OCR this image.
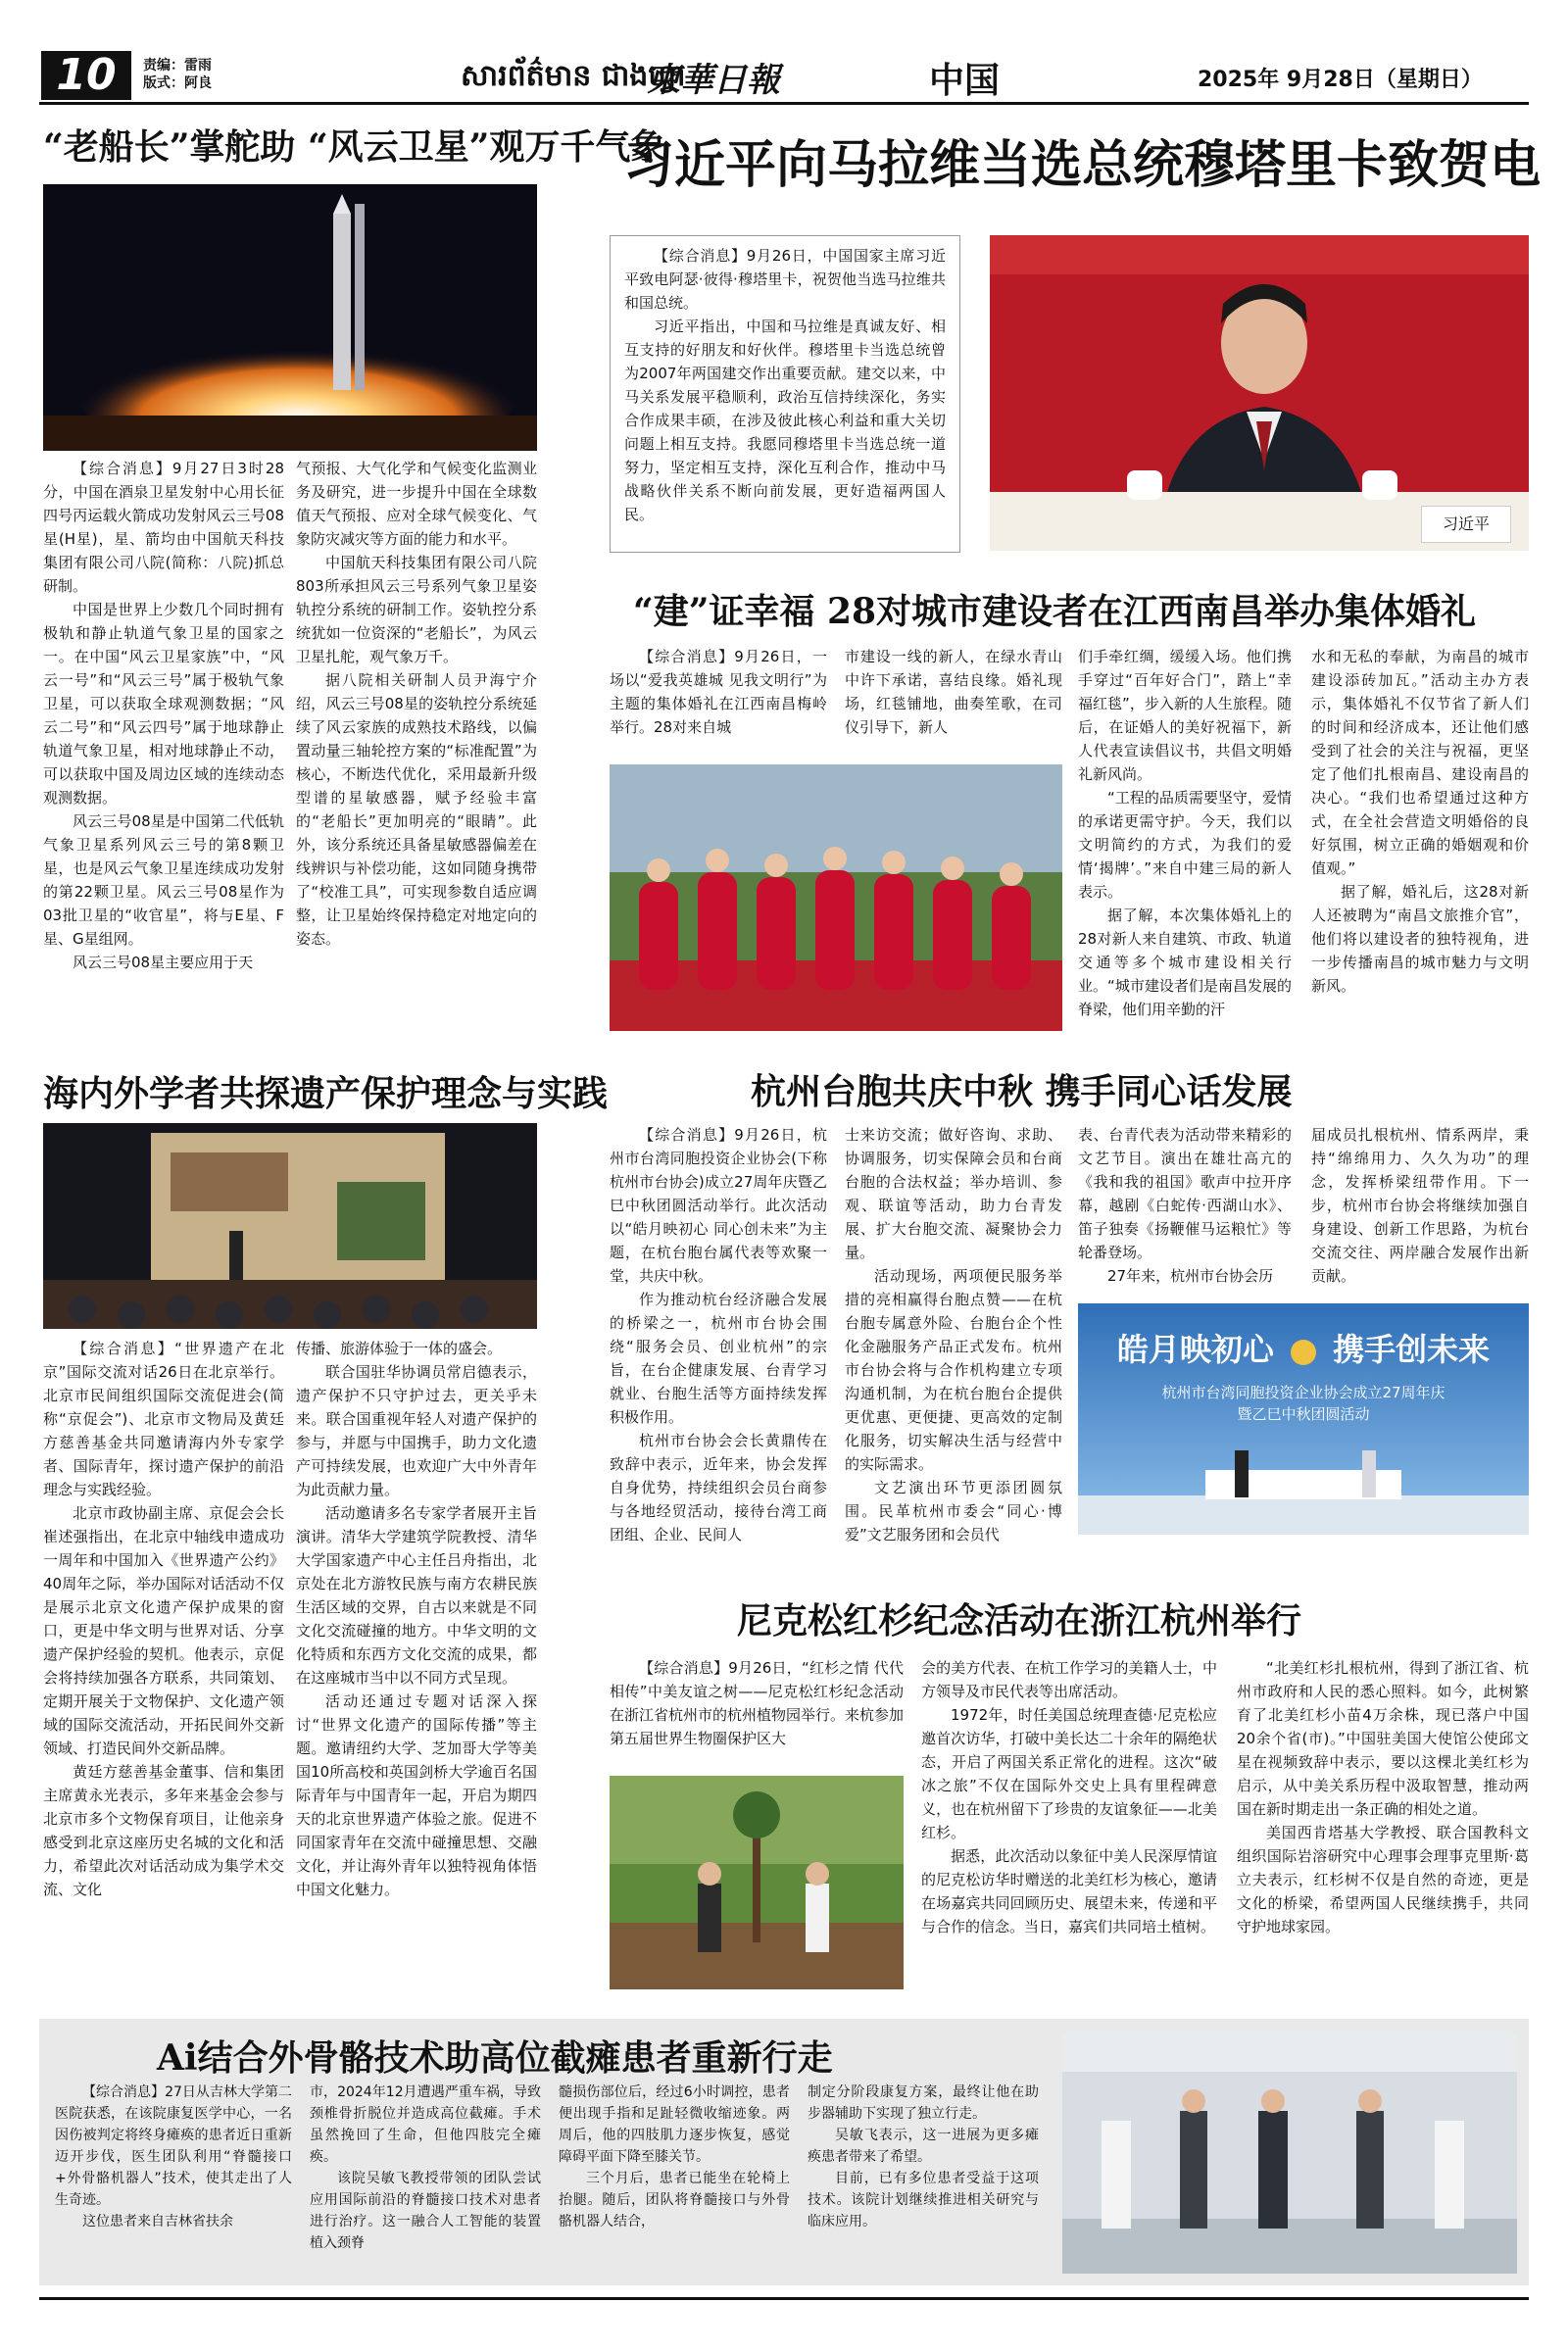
10	责编：雷雨
版式：阿良	សារព័ត៌មាន ជាងហ្វា
柬華日報	中国	2025年 9月28日（星期日）
“老船长”掌舵助 “风云卫星”观万千气象

【综合消息】9月27日3时28分，中国在酒泉卫星发射中心用长征四号丙运载火箭成功发射风云三号08星(H星)，星、箭均由中国航天科技集团有限公司八院(简称：八院)抓总研制。

中国是世界上少数几个同时拥有极轨和静止轨道气象卫星的国家之一。在中国“风云卫星家族”中，“风云一号”和“风云三号”属于极轨气象卫星，可以获取全球观测数据；“风云二号”和“风云四号”属于地球静止轨道气象卫星，相对地球静止不动，可以获取中国及周边区域的连续动态观测数据。

风云三号08星是中国第二代低轨气象卫星系列风云三号的第8颗卫星，也是风云气象卫星连续成功发射的第22颗卫星。风云三号08星作为03批卫星的“收官星”，将与E星、F星、G星组网。

风云三号08星主要应用于天

气预报、大气化学和气候变化监测业务及研究，进一步提升中国在全球数值天气预报、应对全球气候变化、气象防灾减灾等方面的能力和水平。

中国航天科技集团有限公司八院803所承担风云三号系列气象卫星姿轨控分系统的研制工作。姿轨控分系统犹如一位资深的“老船长”，为风云卫星扎舵，观气象万千。

据八院相关研制人员尹海宁介绍，风云三号08星的姿轨控分系统延续了风云家族的成熟技术路线，以偏置动量三轴轮控方案的“标准配置”为核心，不断迭代优化，采用最新升级型谱的星敏感器，赋予经验丰富的“老船长”更加明亮的“眼睛”。此外，该分系统还具备星敏感器偏差在线辨识与补偿功能，这如同随身携带了“校准工具”，可实现参数自适应调整，让卫星始终保持稳定对地定向的姿态。

习近平向马拉维当选总统穆塔里卡致贺电

【综合消息】9月26日，中国国家主席习近平致电阿瑟·彼得·穆塔里卡，祝贺他当选马拉维共和国总统。

习近平指出，中国和马拉维是真诚友好、相互支持的好朋友和好伙伴。穆塔里卡当选总统曾为2007年两国建交作出重要贡献。建交以来，中马关系发展平稳顺利，政治互信持续深化，务实合作成果丰硕，在涉及彼此核心利益和重大关切问题上相互支持。我愿同穆塔里卡当选总统一道努力，坚定相互支持，深化互利合作，推动中马战略伙伴关系不断向前发展，更好造福两国人民。	习近平
“建”证幸福 28对城市建设者在江西南昌举办集体婚礼

【综合消息】9月26日，一场以“爱我英雄城 见我文明行”为主题的集体婚礼在江西南昌梅岭举行。28对来自城

市建设一线的新人，在绿水青山中许下承诺，喜结良缘。婚礼现场，红毯铺地，曲奏笙歌，在司仪引导下，新人

们手牵红绸，缓缓入场。他们携手穿过“百年好合门”，踏上“幸福红毯”，步入新的人生旅程。随后，在证婚人的美好祝福下，新人代表宣读倡议书，共倡文明婚礼新风尚。

“工程的品质需要坚守，爱情的承诺更需守护。今天，我们以文明简约的方式，为我们的爱情‘揭牌’。”来自中建三局的新人表示。

据了解，本次集体婚礼上的28对新人来自建筑、市政、轨道交通等多个城市建设相关行业。“城市建设者们是南昌发展的脊梁，他们用辛勤的汗

水和无私的奉献，为南昌的城市建设添砖加瓦。”活动主办方表示，集体婚礼不仅节省了新人们的时间和经济成本，还让他们感受到了社会的关注与祝福，更坚定了他们扎根南昌、建设南昌的决心。“我们也希望通过这种方式，在全社会营造文明婚俗的良好氛围，树立正确的婚姻观和价值观。”

据了解，婚礼后，这28对新人还被聘为“南昌文旅推介官”，他们将以建设者的独特视角，进一步传播南昌的城市魅力与文明新风。

海内外学者共探遗产保护理念与实践

【综合消息】“世界遗产在北京”国际交流对话26日在北京举行。北京市民间组织国际交流促进会(简称“京促会”)、北京市文物局及黄廷方慈善基金共同邀请海内外专家学者、国际青年，探讨遗产保护的前沿理念与实践经验。

北京市政协副主席、京促会会长崔述强指出，在北京中轴线申遗成功一周年和中国加入《世界遗产公约》40周年之际，举办国际对话活动不仅是展示北京文化遗产保护成果的窗口，更是中华文明与世界对话、分享遗产保护经验的契机。他表示，京促会将持续加强各方联系，共同策划、定期开展关于文物保护、文化遗产领域的国际交流活动，开拓民间外交新领域、打造民间外交新品牌。

黄廷方慈善基金董事、信和集团主席黄永光表示，多年来基金会参与北京市多个文物保育项目，让他亲身感受到北京这座历史名城的文化和活力，希望此次对话活动成为集学术交流、文化

传播、旅游体验于一体的盛会。

联合国驻华协调员常启德表示，遗产保护不只守护过去，更关乎未来。联合国重视年轻人对遗产保护的参与，并愿与中国携手，助力文化遗产可持续发展，也欢迎广大中外青年为此贡献力量。

活动邀请多名专家学者展开主旨演讲。清华大学建筑学院教授、清华大学国家遗产中心主任吕舟指出，北京处在北方游牧民族与南方农耕民族生活区域的交界，自古以来就是不同文化交流碰撞的地方。中华文明的文化特质和东西方文化交流的成果，都在这座城市当中以不同方式呈现。

活动还通过专题对话深入探讨“世界文化遗产的国际传播”等主题。邀请纽约大学、芝加哥大学等美国10所高校和英国剑桥大学逾百名国际青年与中国青年一起，开启为期四天的北京世界遗产体验之旅。促进不同国家青年在交流中碰撞思想、交融文化，并让海外青年以独特视角体悟中国文化魅力。

杭州台胞共庆中秋 携手同心话发展

【综合消息】9月26日，杭州市台湾同胞投资企业协会(下称杭州市台协会)成立27周年庆暨乙巳中秋团圆活动举行。此次活动以“皓月映初心 同心创未来”为主题，在杭台胞台属代表等欢聚一堂，共庆中秋。

作为推动杭台经济融合发展的桥梁之一，杭州市台协会围绕“服务会员、创业杭州”的宗旨，在台企健康发展、台青学习就业、台胞生活等方面持续发挥积极作用。

杭州市台协会会长黄鼎传在致辞中表示，近年来，协会发挥自身优势，持续组织会员台商参与各地经贸活动，接待台湾工商团组、企业、民间人

士来访交流；做好咨询、求助、协调服务，切实保障会员和台商台胞的合法权益；举办培训、参观、联谊等活动，助力台青发展、扩大台胞交流、凝聚协会力量。

活动现场，两项便民服务举措的亮相赢得台胞点赞——在杭台胞专属意外险、台胞台企个性化金融服务产品正式发布。杭州市台协会将与合作机构建立专项沟通机制，为在杭台胞台企提供更优惠、更便捷、更高效的定制化服务，切实解决生活与经营中的实际需求。

文艺演出环节更添团圆氛围。民革杭州市委会“同心·博爱”文艺服务团和会员代

表、台青代表为活动带来精彩的文艺节目。演出在雄壮高亢的《我和我的祖国》歌声中拉开序幕，越剧《白蛇传·西湖山水》、笛子独奏《扬鞭催马运粮忙》等轮番登场。

27年来，杭州市台协会历

届成员扎根杭州、情系两岸，秉持“绵绵用力、久久为功”的理念，发挥桥梁纽带作用。下一步，杭州市台协会将继续加强自身建设、创新工作思路，为杭台交流交往、两岸融合发展作出新贡献。

皓月映初心 携手创未来
杭州市台湾同胞投资企业协会成立27周年庆
暨乙巳中秋团圆活动
尼克松红杉纪念活动在浙江杭州举行

【综合消息】9月26日，“红杉之情 代代相传”中美友谊之树——尼克松红杉纪念活动在浙江省杭州市的杭州植物园举行。来杭参加第五届世界生物圈保护区大

会的美方代表、在杭工作学习的美籍人士，中方领导及市民代表等出席活动。

1972年，时任美国总统理查德·尼克松应邀首次访华，打破中美长达二十余年的隔绝状态，开启了两国关系正常化的进程。这次“破冰之旅”不仅在国际外交史上具有里程碑意义，也在杭州留下了珍贵的友谊象征——北美红杉。

据悉，此次活动以象征中美人民深厚情谊的尼克松访华时赠送的北美红杉为核心，邀请在场嘉宾共同回顾历史、展望未来，传递和平与合作的信念。当日，嘉宾们共同培土植树。

“北美红杉扎根杭州，得到了浙江省、杭州市政府和人民的悉心照料。如今，此树繁育了北美红杉小苗4万余株，现已落户中国20余个省(市)。”中国驻美国大使馆公使邱文星在视频致辞中表示，要以这棵北美红杉为启示，从中美关系历程中汲取智慧，推动两国在新时期走出一条正确的相处之道。

美国西肯塔基大学教授、联合国教科文组织国际岩溶研究中心理事会理事克里斯·葛立夫表示，红杉树不仅是自然的奇迹，更是文化的桥梁，希望两国人民继续携手，共同守护地球家园。

Ai结合外骨骼技术助高位截瘫患者重新行走

【综合消息】27日从吉林大学第二医院获悉，在该院康复医学中心，一名因伤被判定将终身瘫痪的患者近日重新迈开步伐，医生团队利用“脊髓接口+外骨骼机器人”技术，使其走出了人生奇迹。

这位患者来自吉林省扶余

市，2024年12月遭遇严重车祸，导致颈椎骨折脱位并造成高位截瘫。手术虽然挽回了生命，但他四肢完全瘫痪。

该院吴敏飞教授带领的团队尝试应用国际前沿的脊髓接口技术对患者进行治疗。这一融合人工智能的装置植入颈脊

髓损伤部位后，经过6小时调控，患者便出现手指和足趾轻微收缩迹象。两周后，他的四肢肌力逐步恢复，感觉障碍平面下降至膝关节。

三个月后，患者已能坐在轮椅上抬腿。随后，团队将脊髓接口与外骨骼机器人结合，

制定分阶段康复方案，最终让他在助步器辅助下实现了独立行走。

吴敏飞表示，这一进展为更多瘫痪患者带来了希望。

目前，已有多位患者受益于这项技术。该院计划继续推进相关研究与临床应用。
